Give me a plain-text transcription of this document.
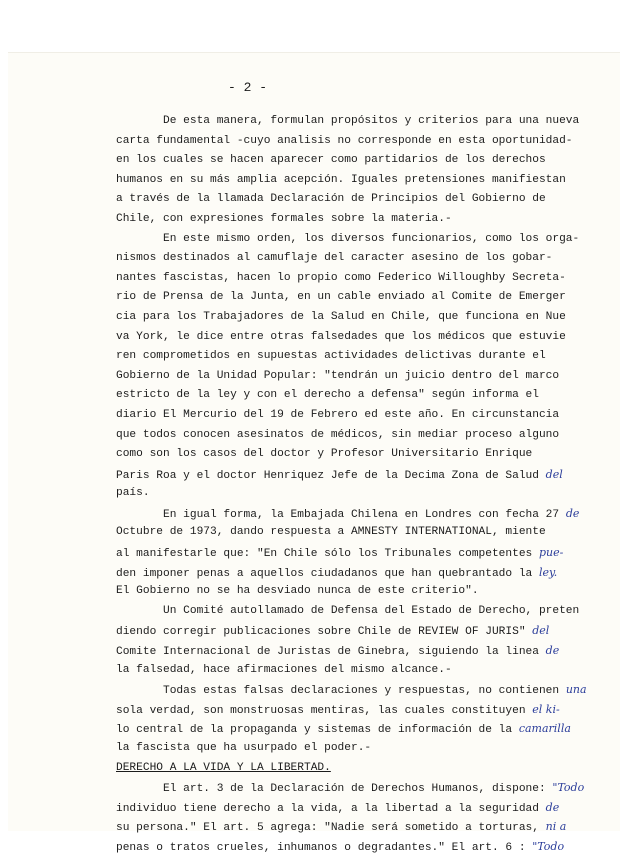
- 2 -
De esta manera, formulan propósitos y criterios para una nueva
carta fundamental -cuyo analisis no corresponde en esta oportunidad-
en los cuales se hacen aparecer como partidarios de los derechos
humanos en su más amplia acepción. Iguales pretensiones manifiestan
a través de la llamada Declaración de Principios del Gobierno de
Chile, con expresiones formales sobre la materia.-
En este mismo orden, los diversos funcionarios, como los orga-
nismos destinados al camuflaje del caracter asesino de los gobar-
nantes fascistas, hacen lo propio como Federico Willoughby Secreta-
rio de Prensa de la Junta, en un cable enviado al Comite de Emerger
cia para los Trabajadores de la Salud en Chile, que funciona en Nue
va York, le dice entre otras falsedades que los médicos que estuvie
ren comprometidos en supuestas actividades delictivas durante el
Gobierno de la Unidad Popular: "tendrán un juicio dentro del marco
estricto de la ley y con el derecho a defensa" según informa el
diario El Mercurio del 19 de Febrero ed este año. En circunstancia
que todos conocen asesinatos de médicos, sin mediar proceso alguno
como son los casos del doctor y Profesor Universitario Enrique
Paris Roa y el doctor Henriquez Jefe de la Decima Zona de Salud del
país.
En igual forma, la Embajada Chilena en Londres con fecha 27 de
Octubre de 1973, dando respuesta a AMNESTY INTERNATIONAL, miente
al manifestarle que: "En Chile sólo los Tribunales competentes pue-
den imponer penas a aquellos ciudadanos que han quebrantado la ley.
El Gobierno no se ha desviado nunca de este criterio".
Un Comité autollamado de Defensa del Estado de Derecho, preten
diendo corregir publicaciones sobre Chile de REVIEW OF JURIS" del
Comite Internacional de Juristas de Ginebra, siguiendo la linea de
la falsedad, hace afirmaciones del mismo alcance.-
Todas estas falsas declaraciones y respuestas, no contienen una
sola verdad, son monstruosas mentiras, las cuales constituyen el ki-
lo central de la propaganda y sistemas de información de la camarilla
la fascista que ha usurpado el poder.-
DERECHO A LA VIDA Y LA LIBERTAD.
El art. 3 de la Declaración de Derechos Humanos, dispone: "Todo
individuo tiene derecho a la vida, a la libertad a la seguridad de
su persona." El art. 5 agrega: "Nadie será sometido a torturas, ni a
penas o tratos crueles, inhumanos o degradantes." El art. 6 : "Todo
